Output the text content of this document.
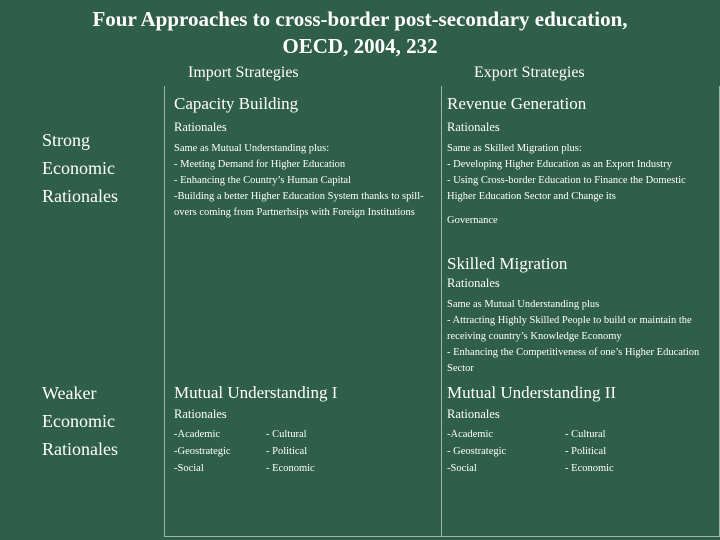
Four Approaches to cross-border post-secondary education,
OECD, 2004, 232
Import Strategies	Export Strategies
Strong
Economic
Rationales
Weaker
Economic
Rationales
Capacity Building
Rationales
Same as Mutual Understanding plus:
- Meeting Demand for Higher Education
- Enhancing the Country’s Human Capital
-Building a better Higher Education System thanks to spill-overs coming from Partnerhsips with Foreign Institutions
Revenue Generation
Rationales
Same as Skilled Migration plus:
- Developing Higher Education as an Export Industry
- Using Cross-border Education to Finance the Domestic Higher Education Sector and Change its
Governance
Skilled Migration
Rationales
Same as Mutual Understanding plus
- Attracting Highly Skilled People to build or maintain the receiving country’s Knowledge Economy
- Enhancing the Competitiveness of one’s Higher Education Sector
Mutual Understanding I
Rationales
-Academic
-Geostrategic
-Social
- Cultural
- Political
- Economic
Mutual Understanding II
Rationales
-Academic
- Geostrategic
-Social
- Cultural
- Political
- Economic
